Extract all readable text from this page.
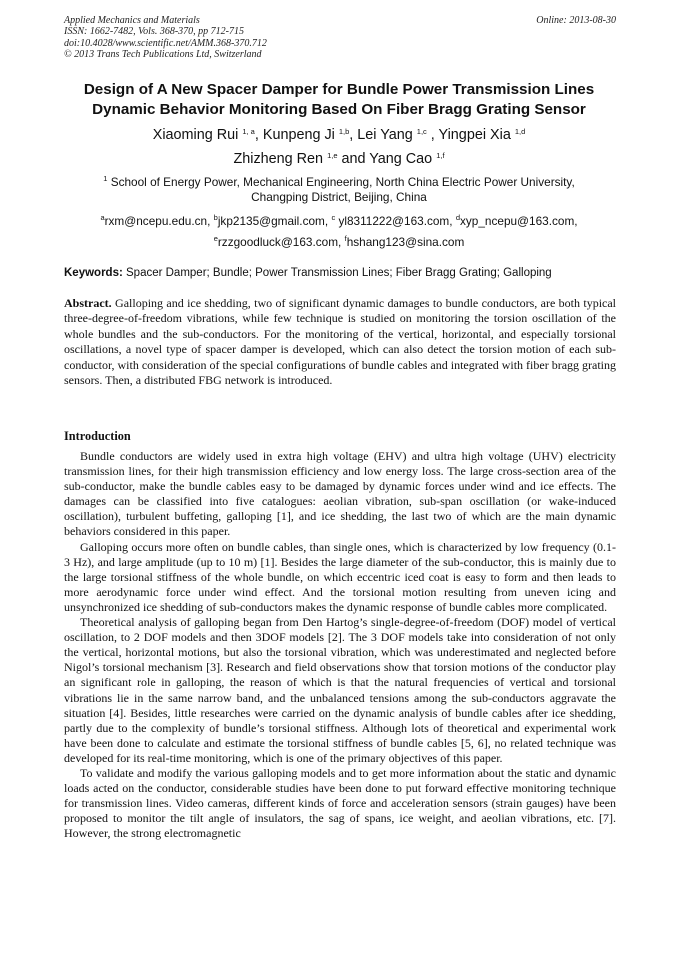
Applied Mechanics and Materials
ISSN: 1662-7482, Vols. 368-370, pp 712-715
doi:10.4028/www.scientific.net/AMM.368-370.712
© 2013 Trans Tech Publications Ltd, Switzerland
Online: 2013-08-30
Design of A New Spacer Damper for Bundle Power Transmission Lines
Dynamic Behavior Monitoring Based On Fiber Bragg Grating Sensor
Xiaoming Rui $^{1, a}$, Kunpeng Ji $^{1,b}$, Lei Yang $^{1,c}$ , Yingpei Xia $^{1,d}$
Zhizheng Ren $^{1,e}$ and Yang Cao $^{1,f}$
$^1$ School of Energy Power, Mechanical Engineering, North China Electric Power University,
Changping District, Beijing, China
$^a$rxm@ncepu.edu.cn, $^b$jkp2135@gmail.com, $^c$ yl8311222@163.com, $^d$xyp_ncepu@163.com,
$^e$rzzgoodluck@163.com, $^f$hshang123@sina.com
Keywords: Spacer Damper; Bundle; Power Transmission Lines; Fiber Bragg Grating; Galloping
Abstract. Galloping and ice shedding, two of significant dynamic damages to bundle conductors, are both typical three-degree-of-freedom vibrations, while few technique is studied on monitoring the torsion oscillation of the whole bundles and the sub-conductors. For the monitoring of the vertical, horizontal, and especially torsional oscillations, a novel type of spacer damper is developed, which can also detect the torsion motion of each sub-conductor, with consideration of the special configurations of bundle cables and integrated with fiber bragg grating sensors. Then, a distributed FBG network is introduced.
Introduction

Bundle conductors are widely used in extra high voltage (EHV) and ultra high voltage (UHV) electricity transmission lines, for their high transmission efficiency and low energy loss. The large cross-section area of the sub-conductor, make the bundle cables easy to be damaged by dynamic forces under wind and ice effects. The damages can be classified into five catalogues: aeolian vibration, sub-span oscillation (or wake-induced oscillation), turbulent buffeting, galloping [1], and ice shedding, the last two of which are the main dynamic behaviors considered in this paper.

Galloping occurs more often on bundle cables, than single ones, which is characterized by low frequency (0.1- 3 Hz), and large amplitude (up to 10 m) [1]. Besides the large diameter of the sub-conductor, this is mainly due to the large torsional stiffness of the whole bundle, on which eccentric iced coat is easy to form and then leads to more aerodynamic force under wind effect. And the torsional motion resulting from uneven icing and unsynchronized ice shedding of sub-conductors makes the dynamic response of bundle cables more complicated.

Theoretical analysis of galloping began from Den Hartog’s single-degree-of-freedom (DOF) model of vertical oscillation, to 2 DOF models and then 3DOF models [2]. The 3 DOF models take into consideration of not only the vertical, horizontal motions, but also the torsional vibration, which was underestimated and neglected before Nigol’s torsional mechanism [3]. Research and field observations show that torsion motions of the conductor play an significant role in galloping, the reason of which is that the natural frequencies of vertical and torsional vibrations lie in the same narrow band, and the unbalanced tensions among the sub-conductors aggravate the situation [4]. Besides, little researches were carried on the dynamic analysis of bundle cables after ice shedding, partly due to the complexity of bundle’s torsional stiffness. Although lots of theoretical and experimental work have been done to calculate and estimate the torsional stiffness of bundle cables [5, 6], no related technique was developed for its real-time monitoring, which is one of the primary objectives of this paper.

To validate and modify the various galloping models and to get more information about the static and dynamic loads acted on the conductor, considerable studies have been done to put forward effective monitoring technique for transmission lines. Video cameras, different kinds of force and acceleration sensors (strain gauges) have been proposed to monitor the tilt angle of insulators, the sag of spans, ice weight, and aeolian vibrations, etc. [7]. However, the strong electromagnetic
